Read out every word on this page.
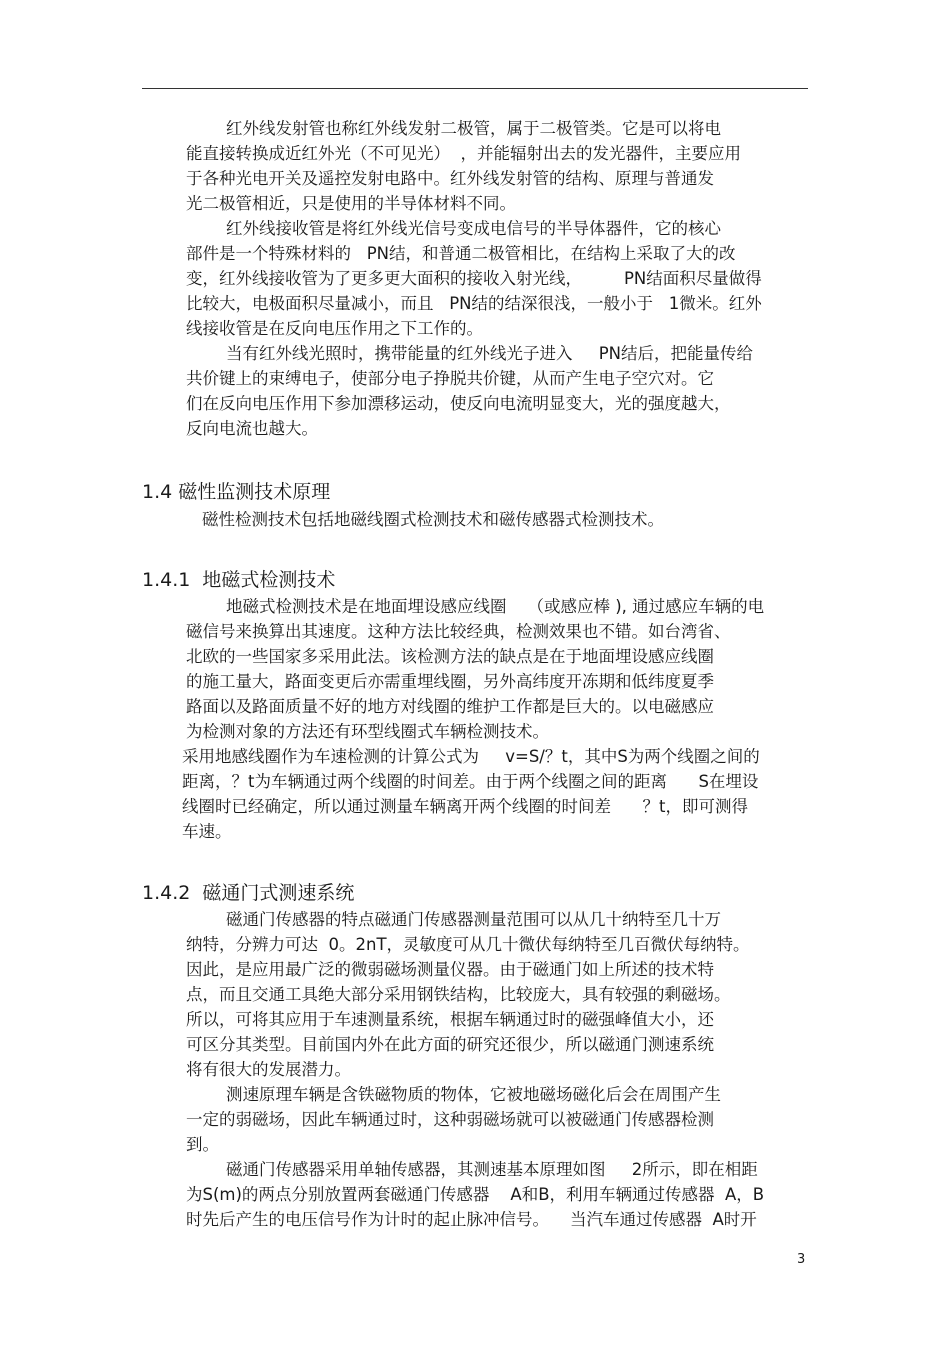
红外线发射管也称红外线发射二极管，属于二极管类。它是可以将电
能直接转换成近红外光（不可见光）  ，并能辐射出去的发光器件，主要应用
于各种光电开关及遥控发射电路中。红外线发射管的结构、原理与普通发
光二极管相近，只是使用的半导体材料不同。
红外线接收管是将红外线光信号变成电信号的半导体器件，它的核心
部件是一个特殊材料的   PN结，和普通二极管相比，在结构上采取了大的改
变，红外线接收管为了更多更大面积的接收入射光线，        PN结面积尽量做得
比较大，电极面积尽量减小，而且   PN结的结深很浅，一般小于   1微米。红外
线接收管是在反向电压作用之下工作的。
当有红外线光照时，携带能量的红外线光子进入     PN结后，把能量传给
共价键上的束缚电子，使部分电子挣脱共价键，从而产生电子空穴对。它
们在反向电压作用下参加漂移运动，使反向电流明显变大，光的强度越大，
反向电流也越大。
1.4 磁性监测技术原理
磁性检测技术包括地磁线圈式检测技术和磁传感器式检测技术。
1.4.1  地磁式检测技术
地磁式检测技术是在地面埋设感应线圈    （或感应棒 ), 通过感应车辆的电
磁信号来换算出其速度。这种方法比较经典，检测效果也不错。如台湾省、
北欧的一些国家多采用此法。该检测方法的缺点是在于地面埋设感应线圈
的施工量大，路面变更后亦需重埋线圈，另外高纬度开冻期和低纬度夏季
路面以及路面质量不好的地方对线圈的维护工作都是巨大的。以电磁感应
为检测对象的方法还有环型线圈式车辆检测技术。
采用地感线圈作为车速检测的计算公式为     v=S/？t，其中S为两个线圈之间的
距离，？t为车辆通过两个线圈的时间差。由于两个线圈之间的距离      S在埋设
线圈时已经确定，所以通过测量车辆离开两个线圈的时间差      ？t，即可测得
车速。
1.4.2  磁通门式测速系统
磁通门传感器的特点磁通门传感器测量范围可以从几十纳特至几十万
纳特，分辨力可达  0。2nT，灵敏度可从几十微伏每纳特至几百微伏每纳特。
因此，是应用最广泛的微弱磁场测量仪器。由于磁通门如上所述的技术特
点，而且交通工具绝大部分采用钢铁结构，比较庞大，具有较强的剩磁场。
所以，可将其应用于车速测量系统，根据车辆通过时的磁强峰值大小，还
可区分其类型。目前国内外在此方面的研究还很少，所以磁通门测速系统
将有很大的发展潜力。
测速原理车辆是含铁磁物质的物体，它被地磁场磁化后会在周围产生
一定的弱磁场，因此车辆通过时，这种弱磁场就可以被磁通门传感器检测
到。
磁通门传感器采用单轴传感器，其测速基本原理如图     2所示，即在相距
为S(m)的两点分别放置两套磁通门传感器    A和B，利用车辆通过传感器  A，B
时先后产生的电压信号作为计时的起止脉冲信号。    当汽车通过传感器  A时开
3
